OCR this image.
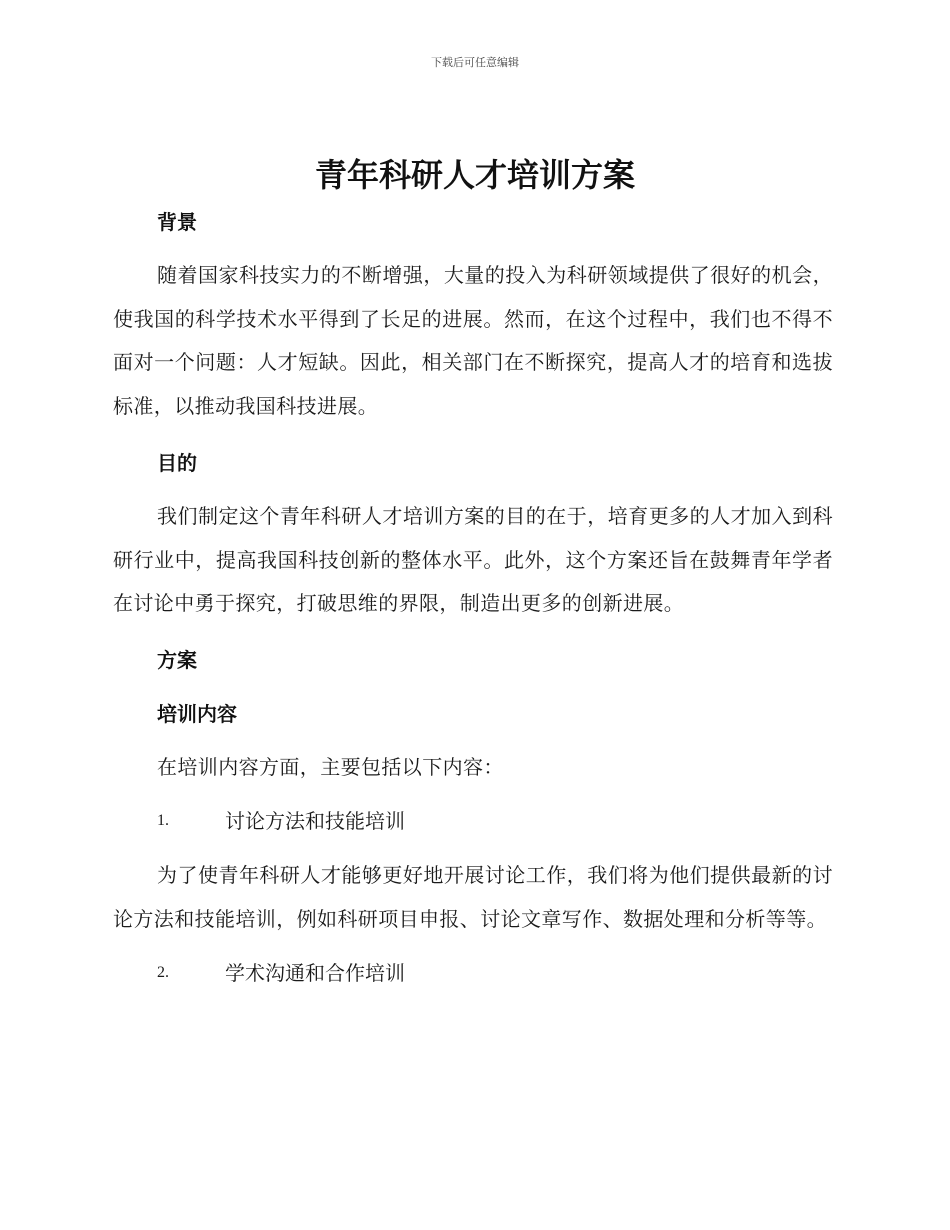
下载后可任意编辑
青年科研人才培训方案
背景

随着国家科技实力的不断增强，大量的投入为科研领域提供了很好的机会，使我国的科学技术水平得到了长足的进展。然而，在这个过程中，我们也不得不面对一个问题：人才短缺。因此，相关部门在不断探究，提高人才的培育和选拔标准，以推动我国科技进展。

目的

我们制定这个青年科研人才培训方案的目的在于，培育更多的人才加入到科研行业中，提高我国科技创新的整体水平。此外，这个方案还旨在鼓舞青年学者在讨论中勇于探究，打破思维的界限，制造出更多的创新进展。

方案
培训内容

在培训内容方面，主要包括以下内容：

1.	讨论方法和技能培训

为了使青年科研人才能够更好地开展讨论工作，我们将为他们提供最新的讨论方法和技能培训，例如科研项目申报、讨论文章写作、数据处理和分析等等。

2.	学术沟通和合作培训
